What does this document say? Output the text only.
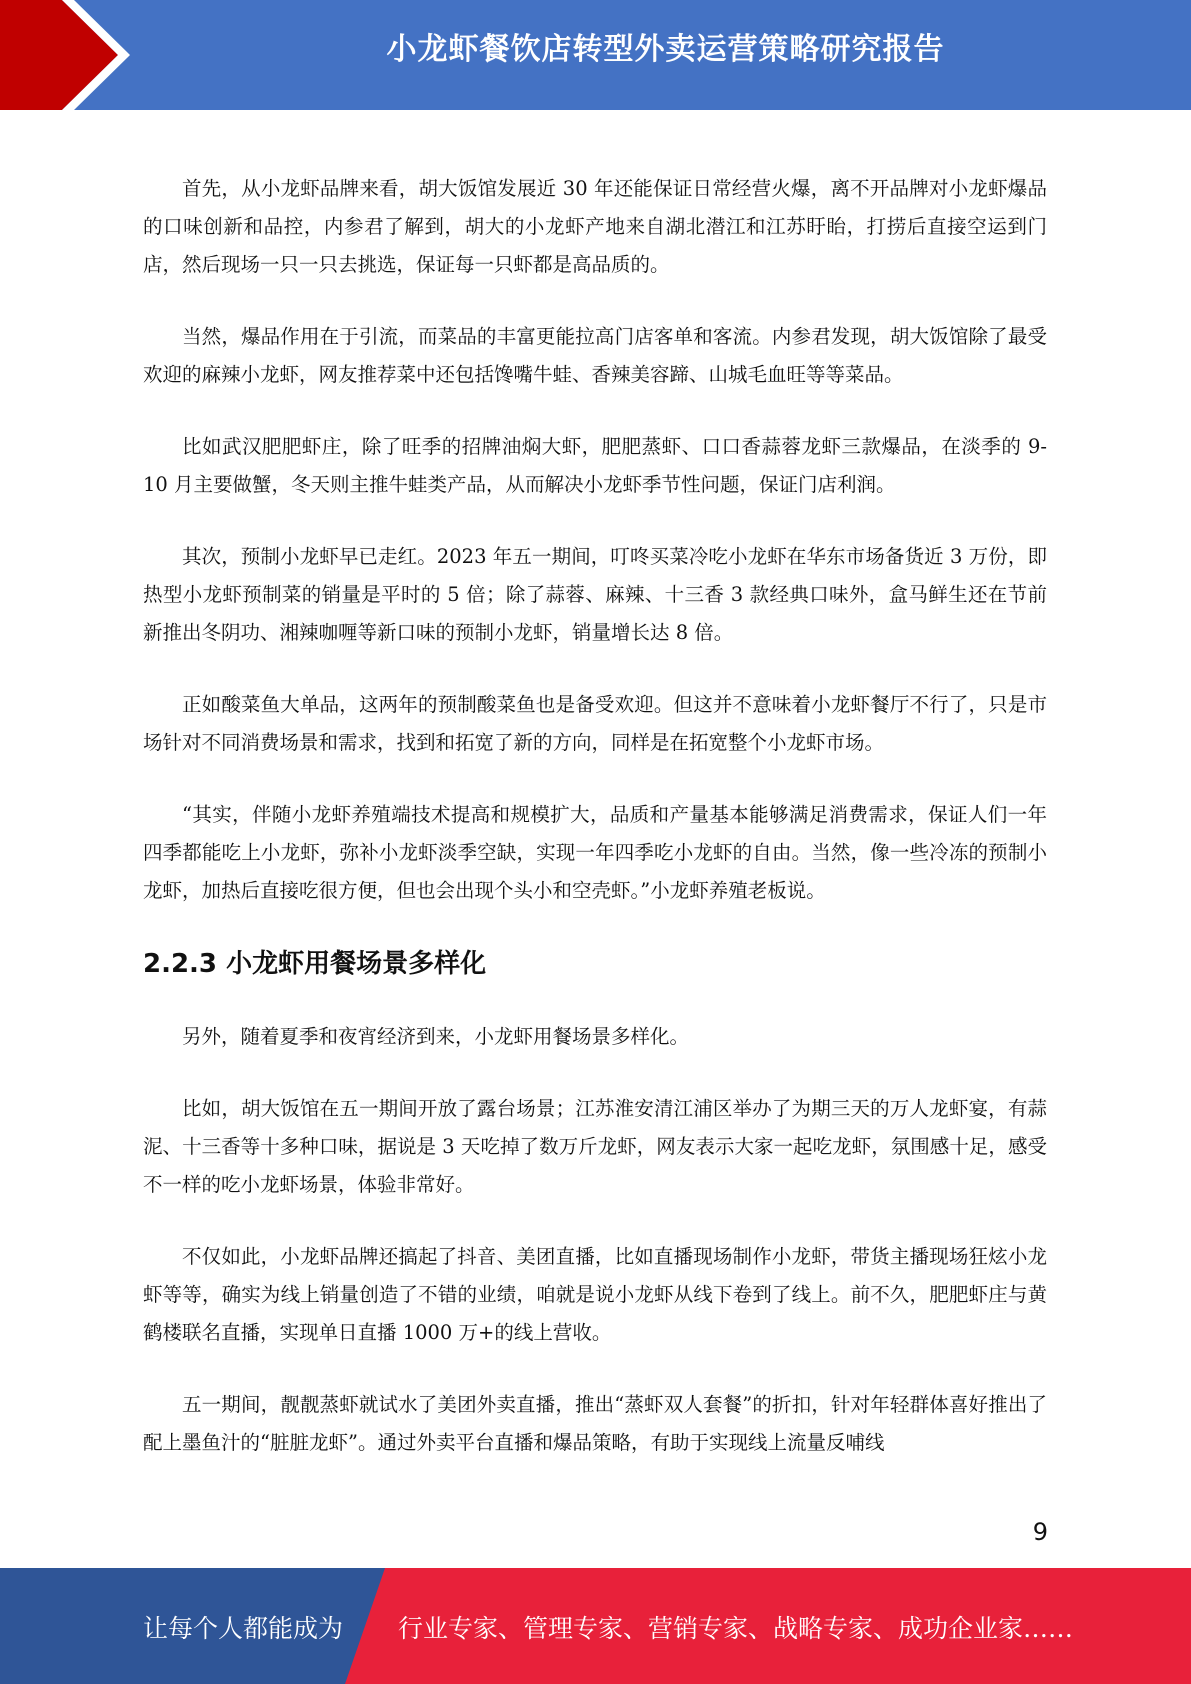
小龙虾餐饮店转型外卖运营策略研究报告

首先，从小龙虾品牌来看，胡大饭馆发展近 30 年还能保证日常经营火爆，离不开品牌对小龙虾爆品的口味创新和品控，内参君了解到，胡大的小龙虾产地来自湖北潜江和江苏盱眙，打捞后直接空运到门店，然后现场一只一只去挑选，保证每一只虾都是高品质的。

当然，爆品作用在于引流，而菜品的丰富更能拉高门店客单和客流。内参君发现，胡大饭馆除了最受欢迎的麻辣小龙虾，网友推荐菜中还包括馋嘴牛蛙、香辣美容蹄、山城毛血旺等等菜品。

比如武汉肥肥虾庄，除了旺季的招牌油焖大虾，肥肥蒸虾、口口香蒜蓉龙虾三款爆品，在淡季的 9-10 月主要做蟹，冬天则主推牛蛙类产品，从而解决小龙虾季节性问题，保证门店利润。

其次，预制小龙虾早已走红。2023 年五一期间，叮咚买菜冷吃小龙虾在华东市场备货近 3 万份，即热型小龙虾预制菜的销量是平时的 5 倍；除了蒜蓉、麻辣、十三香 3 款经典口味外，盒马鲜生还在节前新推出冬阴功、湘辣咖喱等新口味的预制小龙虾，销量增长达 8 倍。

正如酸菜鱼大单品，这两年的预制酸菜鱼也是备受欢迎。但这并不意味着小龙虾餐厅不行了，只是市场针对不同消费场景和需求，找到和拓宽了新的方向，同样是在拓宽整个小龙虾市场。

“其实，伴随小龙虾养殖端技术提高和规模扩大，品质和产量基本能够满足消费需求，保证人们一年四季都能吃上小龙虾，弥补小龙虾淡季空缺，实现一年四季吃小龙虾的自由。当然，像一些冷冻的预制小龙虾，加热后直接吃很方便，但也会出现个头小和空壳虾。”小龙虾养殖老板说。

2.2.3 小龙虾用餐场景多样化

另外，随着夏季和夜宵经济到来，小龙虾用餐场景多样化。

比如，胡大饭馆在五一期间开放了露台场景；江苏淮安清江浦区举办了为期三天的万人龙虾宴，有蒜泥、十三香等十多种口味，据说是 3 天吃掉了数万斤龙虾，网友表示大家一起吃龙虾，氛围感十足，感受不一样的吃小龙虾场景，体验非常好。

不仅如此，小龙虾品牌还搞起了抖音、美团直播，比如直播现场制作小龙虾，带货主播现场狂炫小龙虾等等，确实为线上销量创造了不错的业绩，咱就是说小龙虾从线下卷到了线上。前不久，肥肥虾庄与黄鹤楼联名直播，实现单日直播 1000 万+的线上营收。

五一期间，靓靓蒸虾就试水了美团外卖直播，推出“蒸虾双人套餐”的折扣，针对年轻群体喜好推出了配上墨鱼汁的“脏脏龙虾”。通过外卖平台直播和爆品策略，有助于实现线上流量反哺线

9
让每个人都能成为 行业专家、管理专家、营销专家、战略专家、成功企业家……
